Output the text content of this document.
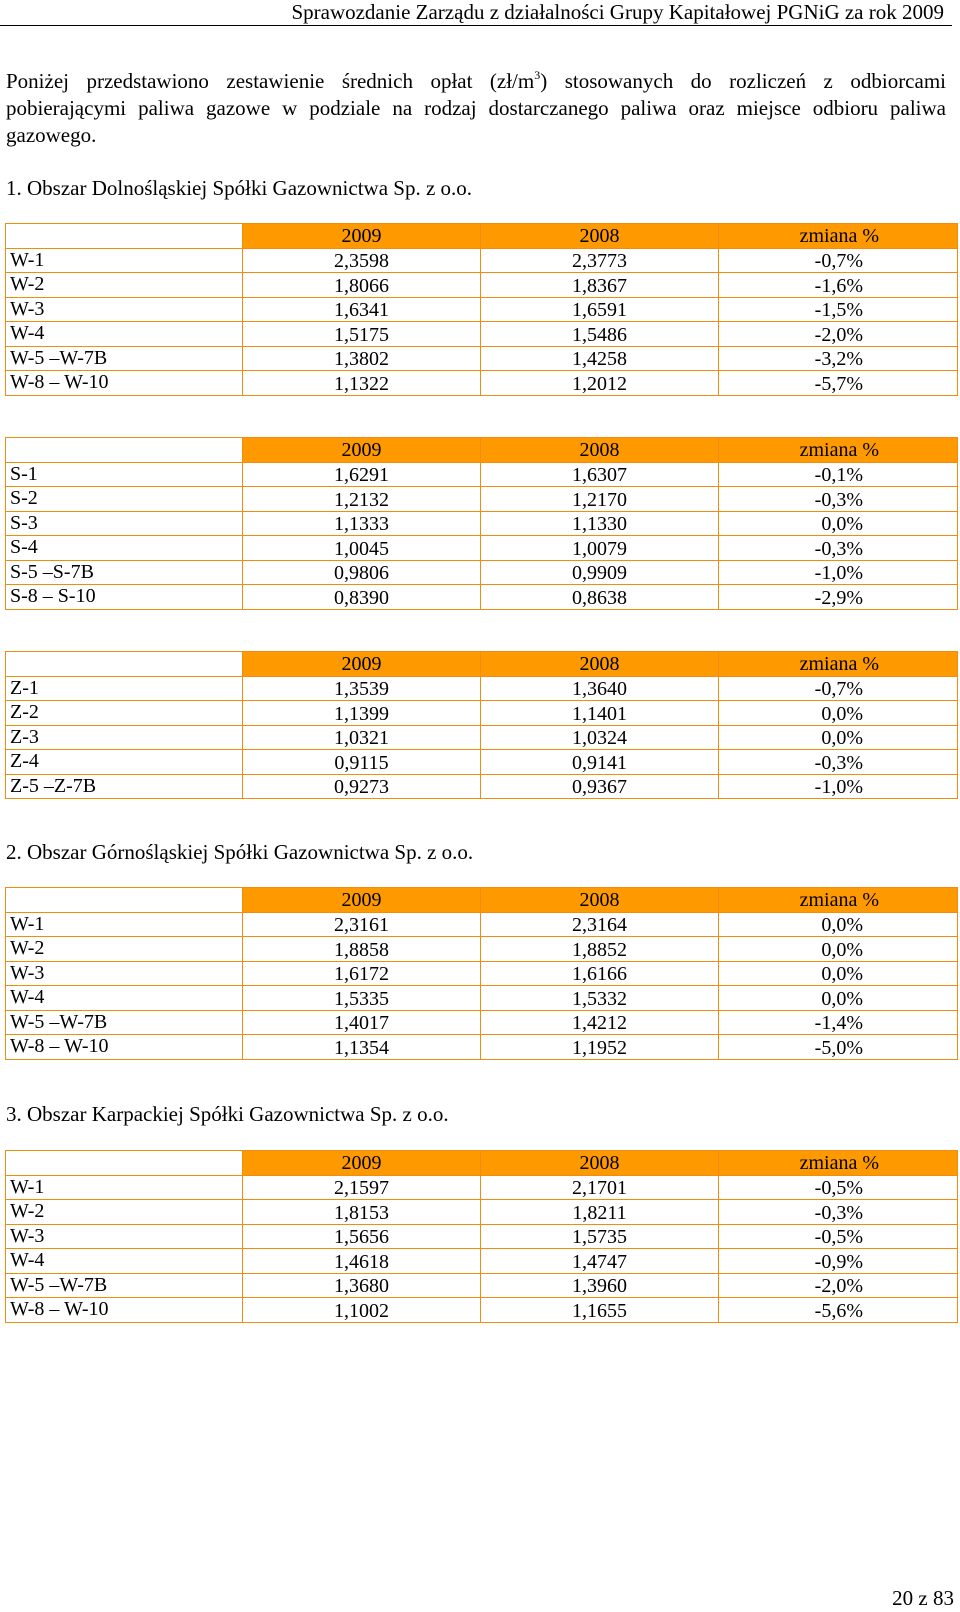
Sprawozdanie Zarządu z działalności Grupy Kapitałowej PGNiG za rok 2009
Poniżej przedstawiono zestawienie średnich opłat $(zł/m^3)$ stosowanych do rozliczeń z odbiorcami pobierającymi paliwa gazowe w podziale na rodzaj dostarczanego paliwa oraz miejsce odbioru paliwa gazowego.
1. Obszar Dolnośląskiej Spółki Gazownictwa Sp. z o.o.
	2009	2008	zmiana %
W-1	2,3598	2,3773	-0,7%
W-2	1,8066	1,8367	-1,6%
W-3	1,6341	1,6591	-1,5%
W-4	1,5175	1,5486	-2,0%
W-5 –W-7B	1,3802	1,4258	-3,2%
W-8 – W-10	1,1322	1,2012	-5,7%
	2009	2008	zmiana %
S-1	1,6291	1,6307	-0,1%
S-2	1,2132	1,2170	-0,3%
S-3	1,1333	1,1330	0,0%
S-4	1,0045	1,0079	-0,3%
S-5 –S-7B	0,9806	0,9909	-1,0%
S-8 – S-10	0,8390	0,8638	-2,9%
	2009	2008	zmiana %
Z-1	1,3539	1,3640	-0,7%
Z-2	1,1399	1,1401	0,0%
Z-3	1,0321	1,0324	0,0%
Z-4	0,9115	0,9141	-0,3%
Z-5 –Z-7B	0,9273	0,9367	-1,0%
2. Obszar Górnośląskiej Spółki Gazownictwa Sp. z o.o.
	2009	2008	zmiana %
W-1	2,3161	2,3164	0,0%
W-2	1,8858	1,8852	0,0%
W-3	1,6172	1,6166	0,0%
W-4	1,5335	1,5332	0,0%
W-5 –W-7B	1,4017	1,4212	-1,4%
W-8 – W-10	1,1354	1,1952	-5,0%
3. Obszar Karpackiej Spółki Gazownictwa Sp. z o.o.
	2009	2008	zmiana %
W-1	2,1597	2,1701	-0,5%
W-2	1,8153	1,8211	-0,3%
W-3	1,5656	1,5735	-0,5%
W-4	1,4618	1,4747	-0,9%
W-5 –W-7B	1,3680	1,3960	-2,0%
W-8 – W-10	1,1002	1,1655	-5,6%
20 z 83
